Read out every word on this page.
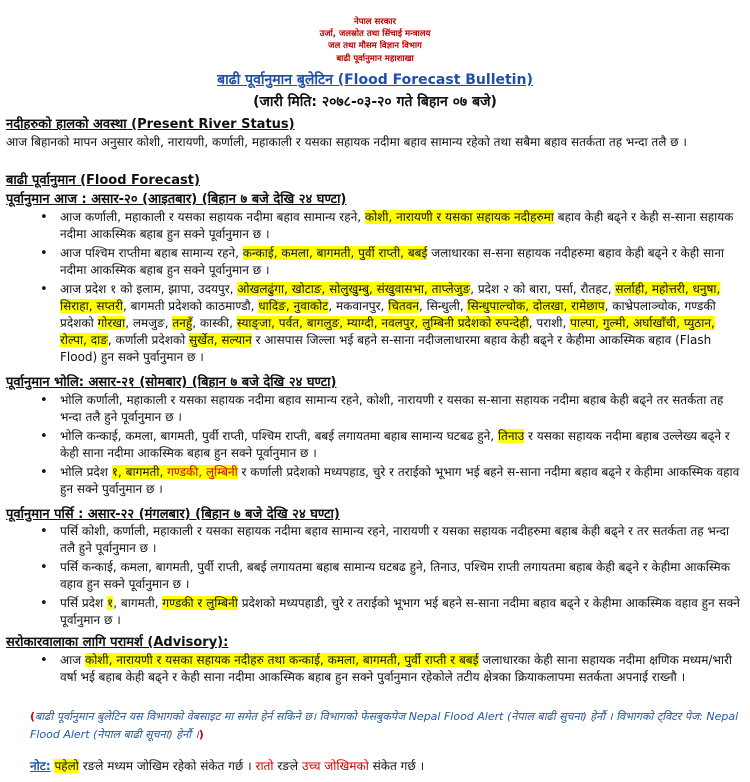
नेपाल सरकार
उर्जा, जलस्रोत तथा सिंचाई मन्त्रालय
जल तथा मौसम विज्ञान विभाग
बाढी पूर्वानुमान महाशाखा
बाढी पूर्वानुमान बुलेटिन (Flood Forecast Bulletin)
(जारी मिति: २०७८-०३-२० गते बिहान ०७ बजे)
नदीहरुको हालको अवस्था (Present River Status)
आज बिहानको मापन अनुसार कोशी, नारायणी, कर्णाली, महाकाली र यसका सहायक नदीमा बहाव सामान्य रहेको तथा सबैमा बहाव सतर्कता तह भन्दा तलै छ ।
बाढी पूर्वानुमान (Flood Forecast)
पूर्वानुमान आज : असार-२० (आइतबार) (बिहान ७ बजे देखि २४ घण्टा)
• आज कर्णाली, महाकाली र यसका सहायक नदीमा बहाव सामान्य रहने, कोशी, नारायणी र यसका सहायक नदीहरुमा बहाव केही बढ्ने र केही स-साना सहायक नदीमा आकस्मिक बहाब हुन सक्ने पूर्वानुमान छ ।
• आज पश्चिम राप्तीमा बहाब सामान्य रहने, कन्काई, कमला, बागमती, पुर्वी राप्ती, बबई जलाधारका स-सना सहायक नदीहरुमा बहाव केही बढ्ने र केही साना नदीमा आकस्मिक बहाब हुन सक्ने पूर्वानुमान छ ।
• आज प्रदेश १ को इलाम, झापा, उदयपुर, ओखलढुंगा, खोटाङ, सोलुखुम्बु, संखुवासभा, ताप्लेजुङ, प्रदेश २ को बारा, पर्सा, रौतहट, सर्लाही, महोत्तरी, धनुषा, सिराहा, सप्तरी, बागमती प्रदेशको काठमाण्डौ, धादिङ, नुवाकोट, मकवानपुर, चितवन, सिन्धुली, सिन्धुपाल्चोक, दोलखा, रामेछाप, काभ्रेपलाञ्चोक, गण्डकी प्रदेशको गोरखा, लमजुङ, तनहुँ, कास्की, स्याङ्जा, पर्वत, बागलुङ, म्याग्दी, नवलपुर, लुम्बिनी प्रदेशको रुपन्देही, पराशी, पाल्पा, गुल्मी, अर्घाखाँची, प्युठान, रोल्पा, दाङ, कर्णाली प्रदेशको सुर्खेत, सल्यान र आसपास जिल्ला भई बहने स-साना नदीजलाधारमा बहाव केही बढ्ने र केहीमा आकस्मिक बहाव (Flash Flood) हुन सक्ने पुर्वानुमान छ ।
पूर्वानुमान भोलि: असार-२१ (सोमबार) (बिहान ७ बजे देखि २४ घण्टा)
• भोलि कर्णाली, महाकाली र यसका सहायक नदीमा बहाव सामान्य रहने, कोशी, नारायणी र यसका स-साना सहायक नदीमा बहाब केही बढ्ने तर सतर्कता तह भन्दा तलै हुने पूर्वानुमान छ ।
• भोलि कन्काई, कमला, बागमती, पुर्वी राप्ती, पश्चिम राप्ती, बबई लगायतमा बहाब सामान्य घटबढ हुने, तिनाउ र यसका सहायक नदीमा बहाब उल्लेख्य बढ्ने र केही साना नदीमा आकस्मिक बहाब हुन सक्ने पूर्वानुमान छ ।
• भोलि प्रदेश १, बागमती, गण्डकी, लुम्बिनी र कर्णाली प्रदेशको मध्यपहाड, चुरे र तराईको भूभाग भई बहने स-साना नदीमा बहाव बढ्ने र केहीमा आकस्मिक वहाव हुन सक्ने पुर्वानुमान छ ।
पूर्वानुमान पर्सि : असार-२२ (मंगलबार) (बिहान ७ बजे देखि २४ घण्टा)
• पर्सि कोशी, कर्णाली, महाकाली र यसका सहायक नदीमा बहाव सामान्य रहने, नारायणी र यसका सहायक नदीहरुमा बहाब केही बढ्ने र तर सतर्कता तह भन्दा तलै हुने पूर्वानुमान छ ।
• पर्सि कन्काई, कमला, बागमती, पुर्वी राप्ती, बबई लगायतमा बहाब सामान्य घटबढ हुने, तिनाउ, पश्चिम राप्ती लगायतमा बहाब केही बढ्ने र केहीमा आकस्मिक वहाव हुन सक्ने पूर्वानुमान छ ।
• पर्सि प्रदेश १, बागमती, गण्डकी र लुम्बिनी प्रदेशको मध्यपहाडी, चुरे र तराईको भूभाग भई बहने स-साना नदीमा बहाव बढ्ने र केहीमा आकस्मिक वहाव हुन सक्ने पूर्वानुमान छ ।
सरोकारवालाका लागि परामर्श (Advisory):
• आज कोशी, नारायणी र यसका सहायक नदीहरु तथा कन्काई, कमला, बागमती, पुर्वी राप्ती र बबई जलाधारका केही साना सहायक नदीमा क्षणिक मध्यम/भारी वर्षा भई बहाब केही बढ्ने र केही साना नदीमा आकस्मिक बहाब हुन सक्ने पुर्वानुमान रहेकोले तटीय क्षेत्रका क्रियाकलापमा सतर्कता अपनाई राख्नौ ।
(बाढी पूर्वानुमान बुलेटिन यस विभागको वेबसाइट मा समेत हेर्न सकिने छ। विभागको फेसबुकपेज Nepal Flood Alert (नेपाल बाढी सुचना) हेर्नौ । विभागको ट्विटर पेज: Nepal Flood Alert (नेपाल बाढी सूचना) हेर्नौ ।)
नोट: पहेलो रङले मध्यम जोखिम रहेको संकेत गर्छ । रातो रङले उच्च जोखिमको संकेत गर्छ ।
